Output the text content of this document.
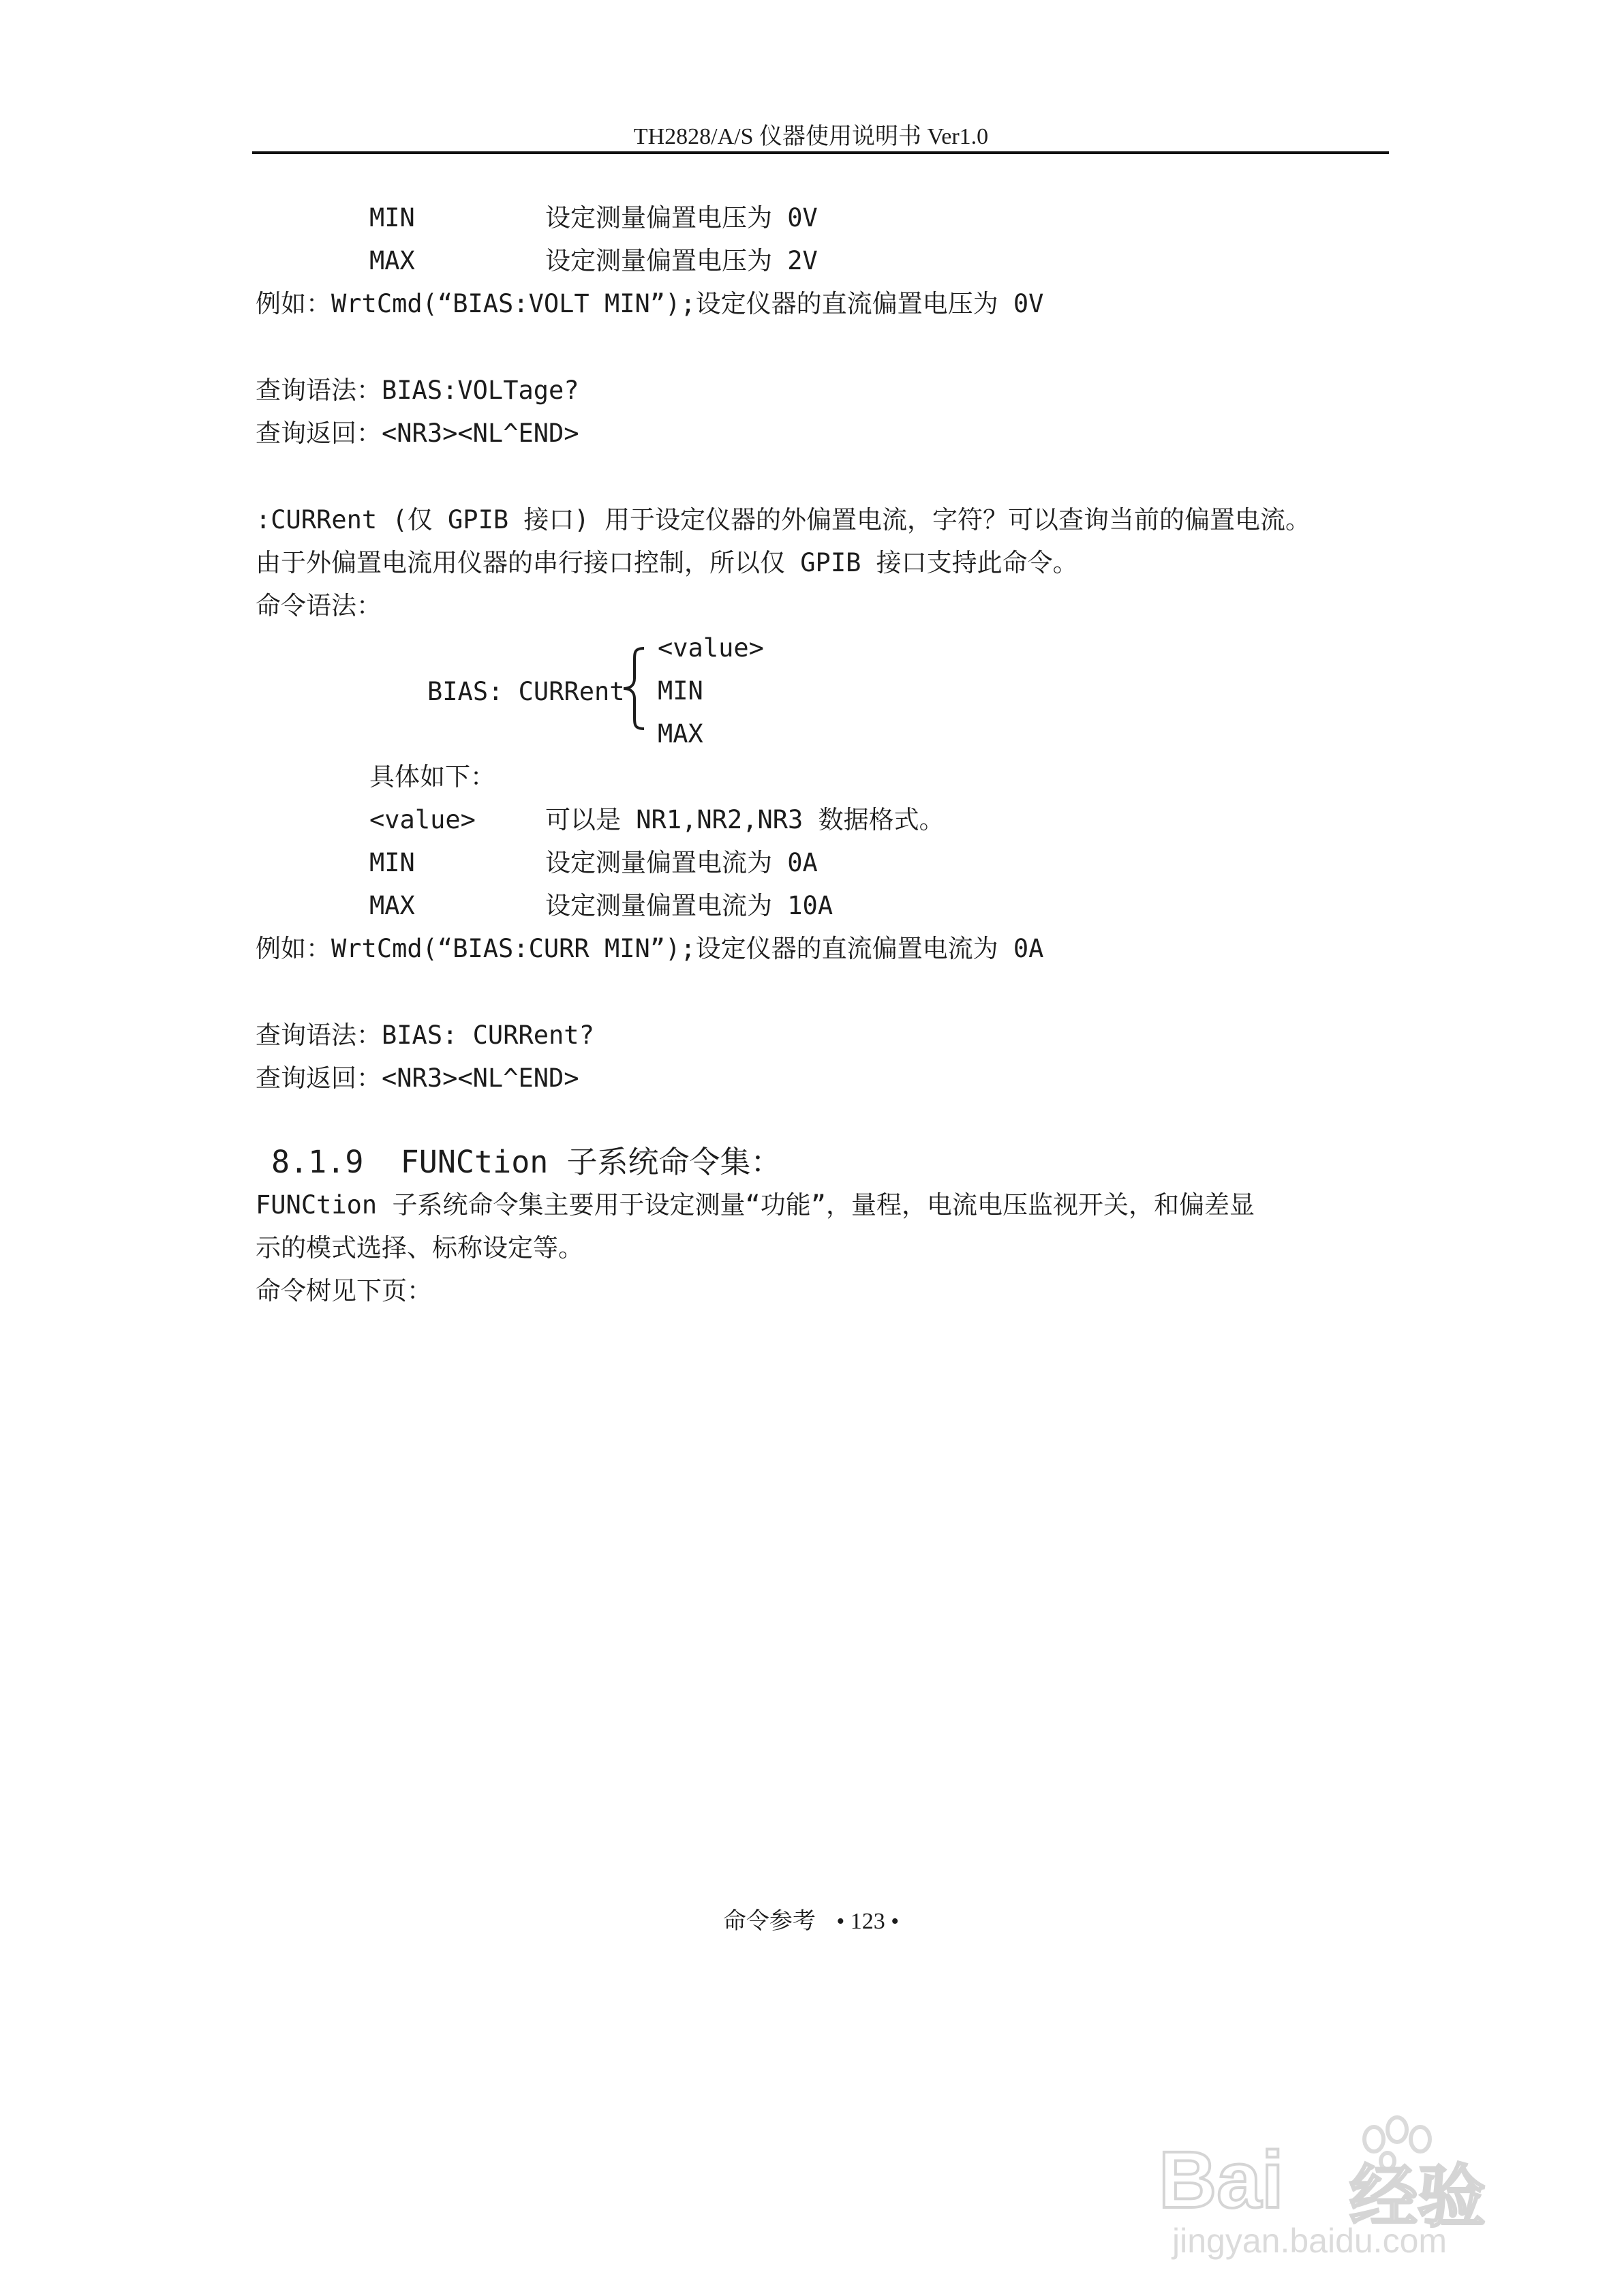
TH2828/A/S 仪器使用说明书 Ver1.0
MIN	设定测量偏置电压为 0V
MAX	设定测量偏置电压为 2V
例如：WrtCmd(“BIAS:VOLT MIN”);设定仪器的直流偏置电压为 0V
查询语法：BIAS:VOLTage?
查询返回：<NR3><NL^END>
:CURRent (仅 GPIB 接口) 用于设定仪器的外偏置电流，字符？可以查询当前的偏置电流。
由于外偏置电流用仪器的串行接口控制，所以仅 GPIB 接口支持此命令。
命令语法：
BIAS: CURRent
<value>
MIN
MAX
具体如下：
<value>	可以是 NR1,NR2,NR3 数据格式。
MIN	设定测量偏置电流为 0A
MAX	设定测量偏置电流为 10A
例如：WrtCmd(“BIAS:CURR MIN”);设定仪器的直流偏置电流为 0A
查询语法：BIAS: CURRent?
查询返回：<NR3><NL^END>
8.1.9  FUNCtion 子系统命令集：
FUNCtion 子系统命令集主要用于设定测量“功能”，量程，电流电压监视开关，和偏差显
示的模式选择、标称设定等。
命令树见下页：
命令参考 • 123 •
Bai 经验
jingyan.baidu.com
